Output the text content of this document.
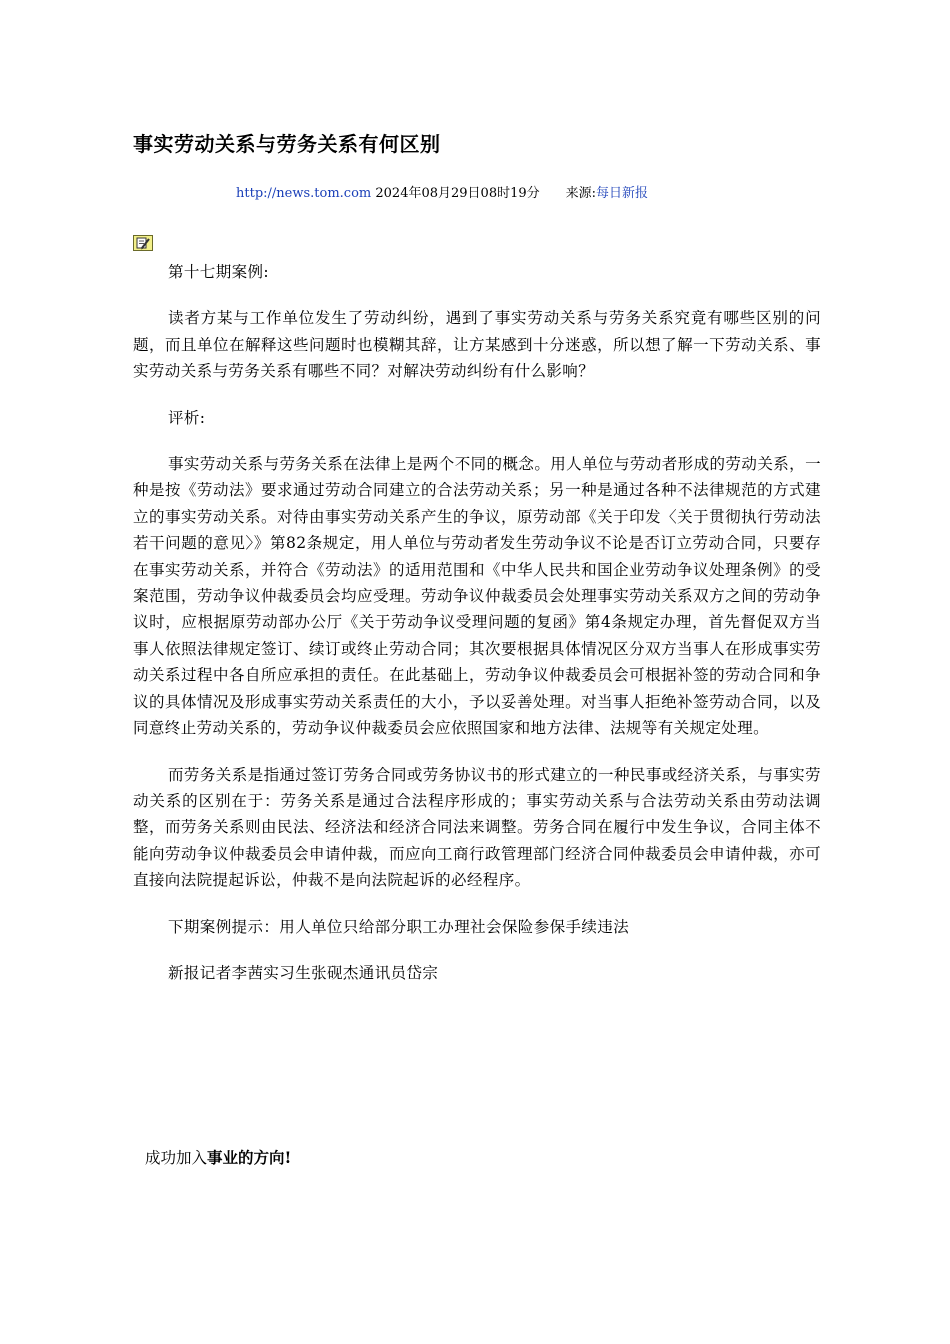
事实劳动关系与劳务关系有何区别
http://news.tom.com 2024年08月29日08时19分 来源:每日新报

第十七期案例:

读者方某与工作单位发生了劳动纠纷，遇到了事实劳动关系与劳务关系究竟有哪些区别的问题，而且单位在解释这些问题时也模糊其辞，让方某感到十分迷惑，所以想了解一下劳动关系、事实劳动关系与劳务关系有哪些不同？对解决劳动纠纷有什么影响？

评析:

事实劳动关系与劳务关系在法律上是两个不同的概念。用人单位与劳动者形成的劳动关系，一种是按《劳动法》要求通过劳动合同建立的合法劳动关系；另一种是通过各种不法律规范的方式建立的事实劳动关系。对待由事实劳动关系产生的争议，原劳动部《关于印发〈关于贯彻执行劳动法若干问题的意见〉》第82条规定，用人单位与劳动者发生劳动争议不论是否订立劳动合同，只要存在事实劳动关系，并符合《劳动法》的适用范围和《中华人民共和国企业劳动争议处理条例》的受案范围，劳动争议仲裁委员会均应受理。劳动争议仲裁委员会处理事实劳动关系双方之间的劳动争议时，应根据原劳动部办公厅《关于劳动争议受理问题的复函》第4条规定办理，首先督促双方当事人依照法律规定签订、续订或终止劳动合同；其次要根据具体情况区分双方当事人在形成事实劳动关系过程中各自所应承担的责任。在此基础上，劳动争议仲裁委员会可根据补签的劳动合同和争议的具体情况及形成事实劳动关系责任的大小，予以妥善处理。对当事人拒绝补签劳动合同，以及同意终止劳动关系的，劳动争议仲裁委员会应依照国家和地方法律、法规等有关规定处理。

而劳务关系是指通过签订劳务合同或劳务协议书的形式建立的一种民事或经济关系，与事实劳动关系的区别在于：劳务关系是通过合法程序形成的；事实劳动关系与合法劳动关系由劳动法调整，而劳务关系则由民法、经济法和经济合同法来调整。劳务合同在履行中发生争议，合同主体不能向劳动争议仲裁委员会申请仲裁，而应向工商行政管理部门经济合同仲裁委员会申请仲裁，亦可直接向法院提起诉讼，仲裁不是向法院起诉的必经程序。

下期案例提示：用人单位只给部分职工办理社会保险参保手续违法

新报记者李茜实习生张砚杰通讯员岱宗

成功加入事业的方向!
